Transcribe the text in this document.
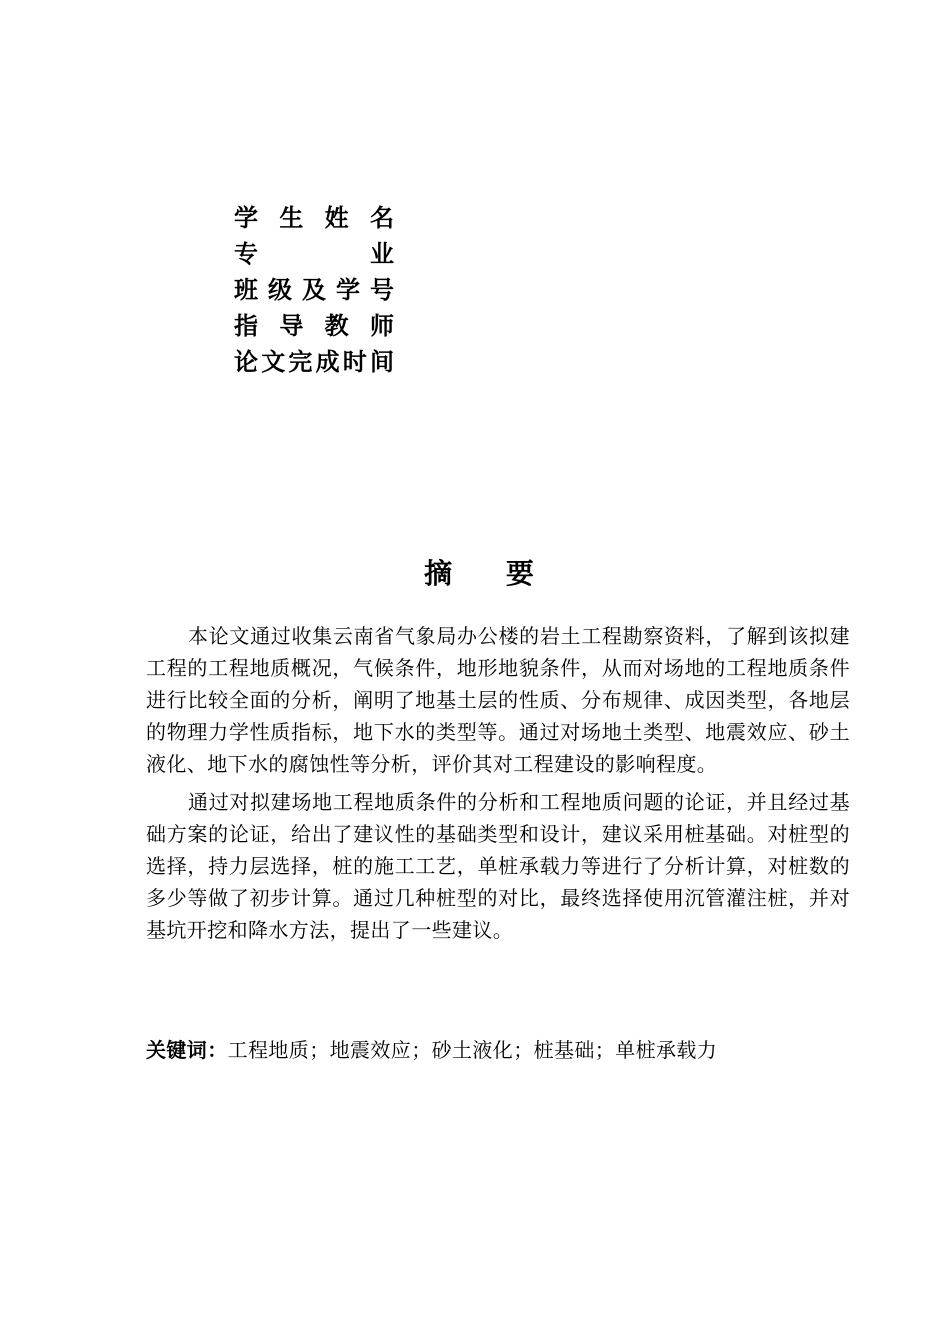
学 生 姓 名
专 业
班级及学号
指 导 教 师
论文完成时间
摘 要

本论文通过收集云南省气象局办公楼的岩土工程勘察资料，了解到该拟建工程的工程地质概况，气候条件，地形地貌条件，从而对场地的工程地质条件进行比较全面的分析，阐明了地基土层的性质、分布规律、成因类型，各地层的物理力学性质指标，地下水的类型等。通过对场地土类型、地震效应、砂土液化、地下水的腐蚀性等分析，评价其对工程建设的影响程度。

通过对拟建场地工程地质条件的分析和工程地质问题的论证，并且经过基础方案的论证，给出了建议性的基础类型和设计，建议采用桩基础。对桩型的选择，持力层选择，桩的施工工艺，单桩承载力等进行了分析计算，对桩数的多少等做了初步计算。通过几种桩型的对比，最终选择使用沉管灌注桩，并对基坑开挖和降水方法，提出了一些建议。

关键词：工程地质；地震效应；砂土液化；桩基础；单桩承载力
